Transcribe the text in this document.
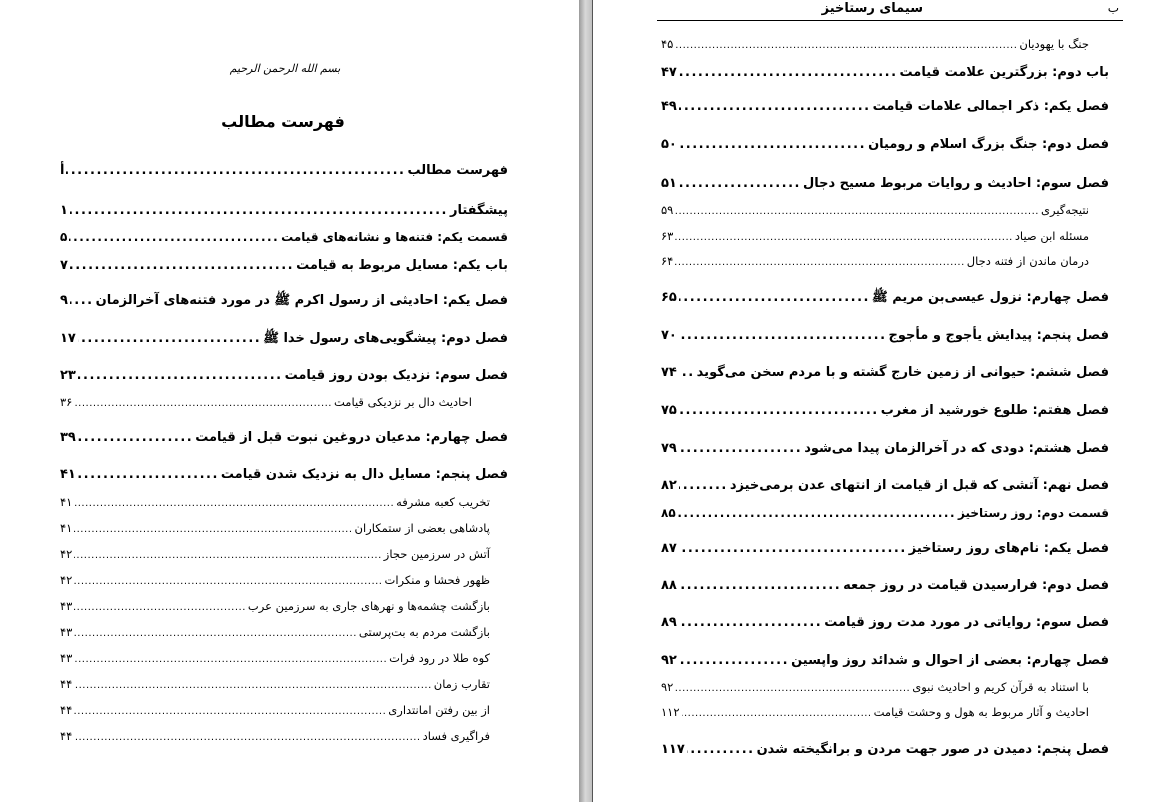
بسم الله الرحمن الرحیم
فهرست مطالب
فهرست مطالب
.....
أ
پیشگفتار
.....
۱
قسمت یکم: فتنه‌ها و نشانه‌های قیامت
.....
۵
باب یکم: مسایل مربوط به قیامت
.....
۷
فصل یکم: احادیثی از رسول اکرم ﷺ در مورد فتنه‌های آخرالزمان
.....
۹
فصل دوم: پیشگویی‌های رسول خدا ﷺ
.....
۱۷
فصل سوم: نزدیک بودن روز قیامت
.....
۲۳
احادیث دال بر نزدیکی قیامت
.....
۳۶
فصل چهارم: مدعیان دروغین نبوت قبل از قیامت
.....
۳۹
فصل پنجم: مسایل دال به نزدیک شدن قیامت
.....
۴۱
تخریب کعبه مشرفه
.....
۴۱
پادشاهی بعضی از ستمکاران
.....
۴۱
آتش در سرزمین حجاز
.....
۴۲
ظهور فحشا و منکرات
.....
۴۲
بازگشت چشمه‌ها و نهرهای جاری به سرزمین عرب
.....
۴۳
بازگشت مردم به بت‌پرستی
.....
۴۳
کوه طلا در رود فرات
.....
۴۳
تقارب زمان
.....
۴۴
از بین رفتن امانتداری
.....
۴۴
فراگیری فساد
.....
۴۴
سیمای رستاخیز	ب
جنگ با یهودیان
.....
۴۵
باب دوم: بزرگترین علامت قیامت
.....
۴۷
فصل یکم: ذکر اجمالی علامات قیامت
.....
۴۹
فصل دوم: جنگ بزرگ اسلام و رومیان
.....
۵۰
فصل سوم: احادیث و روایات مربوط مسیح دجال
.....
۵۱
نتیجه‌گیری
.....
۵۹
مسئله ابن صیاد
.....
۶۳
درمان ماندن از فتنه دجال
.....
۶۴
فصل چهارم: نزول عیسی‌بن مریم ﷺ
.....
۶۵
فصل پنجم: پیدایش یأجوج و مأجوج
.....
۷۰
فصل ششم: حیوانی از زمین خارج گشته و با مردم سخن می‌گوید
.....
۷۴
فصل هفتم: طلوع خورشید از مغرب
.....
۷۵
فصل هشتم: دودی که در آخرالزمان پیدا می‌شود
.....
۷۹
فصل نهم: آتشی که قبل از قیامت از انتهای عدن برمی‌خیزد
.....
۸۲
قسمت دوم: روز رستاخیز
.....
۸۵
فصل یکم: نام‌های روز رستاخیز
.....
۸۷
فصل دوم: فرارسیدن قیامت در روز جمعه
.....
۸۸
فصل سوم: روایاتی در مورد مدت روز قیامت
.....
۸۹
فصل چهارم: بعضی از احوال و شدائد روز واپسین
.....
۹۲
با استناد به قرآن کریم و احادیث نبوی
.....
۹۲
احادیث و آثار مربوط به هول و وحشت قیامت
.....
۱۱۲
فصل پنجم: دمیدن در صور جهت مردن و برانگیخته شدن
.....
۱۱۷
